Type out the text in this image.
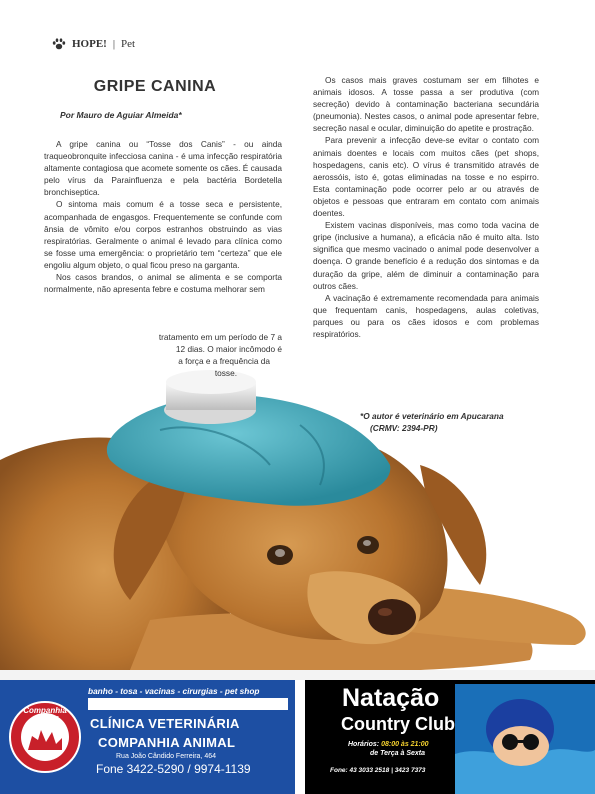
HOPE! | Pet
GRIPE CANINA
Por Mauro de Aguiar Almeida*

A gripe canina ou “Tosse dos Canis” - ou ainda traqueobronquite infecciosa canina - é uma infecção respiratória altamente contagiosa que acomete somente os cães. É causada pelo vírus da Parainfluenza e pela bactéria Bordetella bronchiseptica.

O sintoma mais comum é a tosse seca e persistente, acompanhada de engasgos. Frequentemente se confunde com ânsia de vômito e/ou corpos estranhos obstruindo as vias respiratórias. Geralmente o animal é levado para clínica como se fosse uma emergência: o proprietário tem “certeza” que ele engoliu algum objeto, o qual ficou preso na garganta.

Nos casos brandos, o animal se alimenta e se comporta normalmente, não apresenta febre e costuma melhorar sem

tratamento em um período de 7 a
12 dias. O maior incômodo é
a força e a frequência da
tosse.

Os casos mais graves costumam ser em filhotes e animais idosos. A tosse passa a ser produtiva (com secreção) devido à contaminação bacteriana secundária (pneumonia). Nestes casos, o animal pode apresentar febre, secreção nasal e ocular, diminuição do apetite e prostração.

Para prevenir a infecção deve-se evitar o contato com animais doentes e locais com muitos cães (pet shops, hospedagens, canis etc). O vírus é transmitido através de aerossóis, isto é, gotas eliminadas na tosse e no espirro. Esta contaminação pode ocorrer pelo ar ou através de objetos e pessoas que entraram em contato com animais doentes.

Existem vacinas disponíveis, mas como toda vacina de gripe (inclusive a humana), a eficácia não é muito alta. Isto significa que mesmo vacinado o animal pode desenvolver a doença. O grande benefício é a redução dos sintomas e da duração da gripe, além de diminuir a contaminação para outros cães.

A vacinação é extremamente recomendada para animais que frequentam canis, hospedagens, aulas coletivas, parques ou para os cães idosos e com problemas respiratórios.

*O autor é veterinário em Apucarana
(CRMV: 2394-PR)
Companhia Animal
banho - tosa - vacinas - cirurgias - pet shop
CLÍNICA VETERINÁRIA
COMPANHIA ANIMAL
Rua João Cândido Ferreira, 464
Fone 3422-5290 / 9974-1139
Natação
Country Club
Horários: 08:00 às 21:00
de Terça à Sexta
Fone: 43 3033 2518 | 3423 7373
